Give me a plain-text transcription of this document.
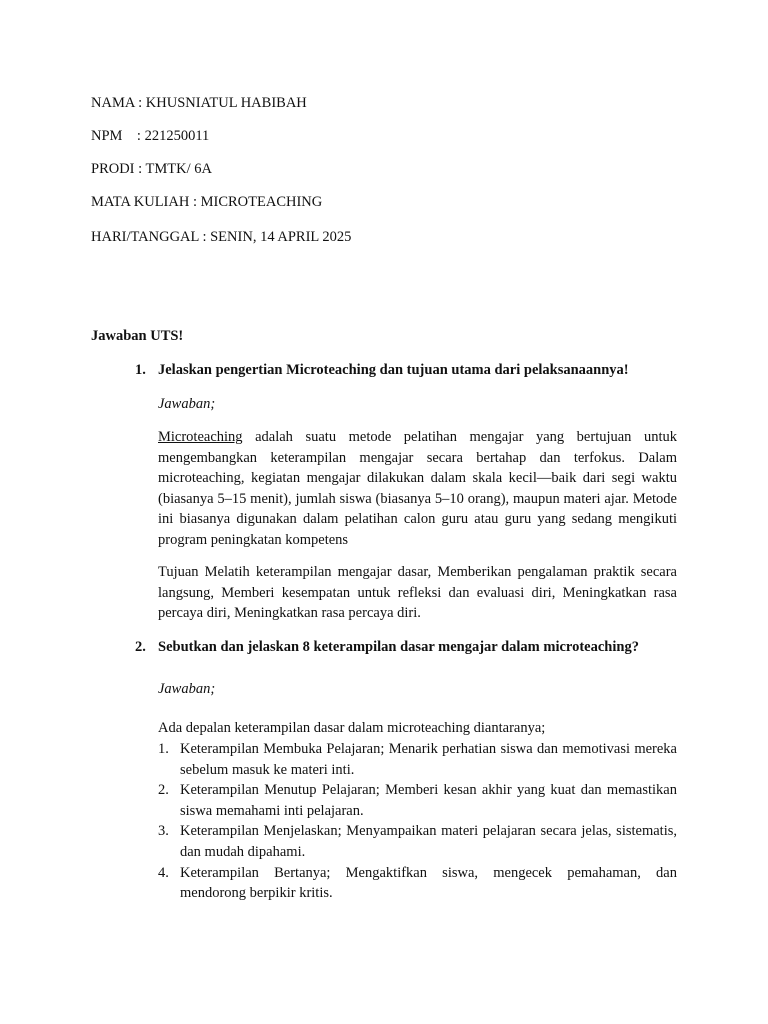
NAMA : KHUSNIATUL HABIBAH
NPM    : 221250011
PRODI : TMTK/ 6A
MATA KULIAH : MICROTEACHING
HARI/TANGGAL : SENIN, 14 APRIL 2025
Jawaban UTS!
1. Jelaskan pengertian Microteaching dan tujuan utama dari pelaksanaannya!
Jawaban;
Microteaching adalah suatu metode pelatihan mengajar yang bertujuan untuk mengembangkan keterampilan mengajar secara bertahap dan terfokus. Dalam microteaching, kegiatan mengajar dilakukan dalam skala kecil—baik dari segi waktu (biasanya 5–15 menit), jumlah siswa (biasanya 5–10 orang), maupun materi ajar. Metode ini biasanya digunakan dalam pelatihan calon guru atau guru yang sedang mengikuti program peningkatan kompetens
Tujuan Melatih keterampilan mengajar dasar, Memberikan pengalaman praktik secara langsung, Memberi kesempatan untuk refleksi dan evaluasi diri, Meningkatkan rasa percaya diri, Meningkatkan rasa percaya diri.
2. Sebutkan dan jelaskan 8 keterampilan dasar mengajar dalam microteaching?
Jawaban;
Ada depalan keterampilan dasar dalam microteaching diantaranya;
1. Keterampilan Membuka Pelajaran; Menarik perhatian siswa dan memotivasi mereka sebelum masuk ke materi inti.
2. Keterampilan Menutup Pelajaran; Memberi kesan akhir yang kuat dan memastikan siswa memahami inti pelajaran.
3. Keterampilan Menjelaskan; Menyampaikan materi pelajaran secara jelas, sistematis, dan mudah dipahami.
4. Keterampilan Bertanya; Mengaktifkan siswa, mengecek pemahaman, dan mendorong berpikir kritis.
